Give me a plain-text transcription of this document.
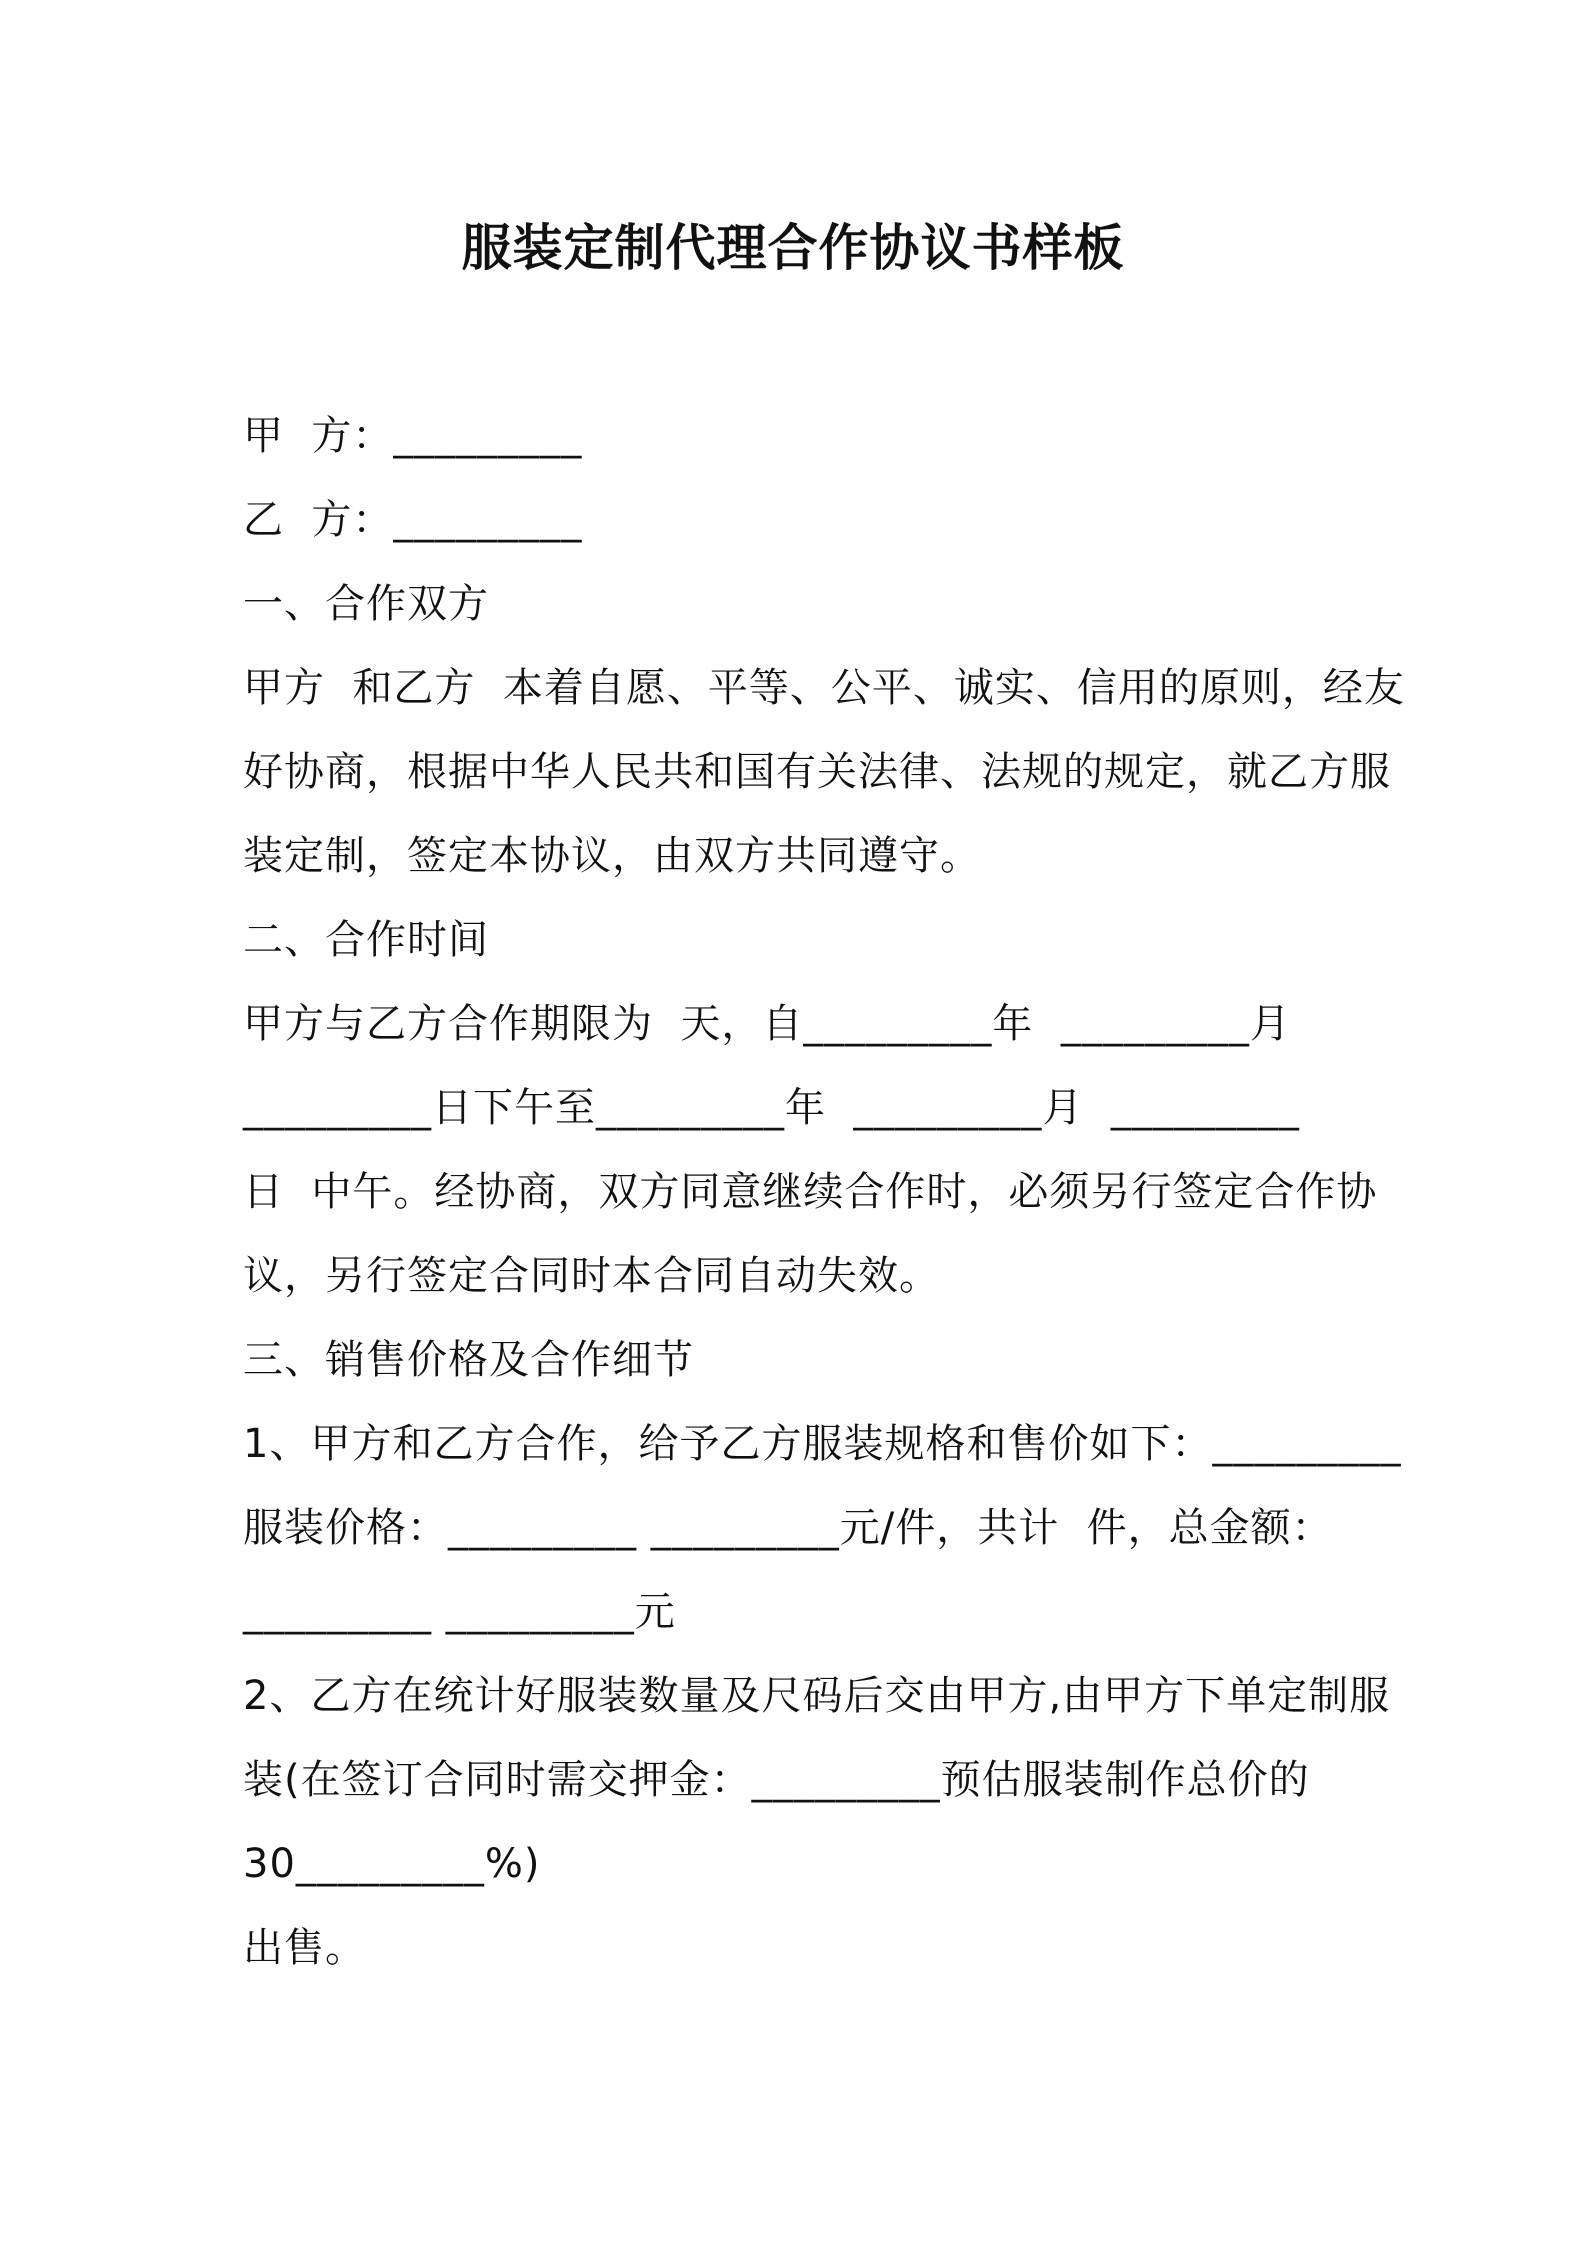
服装定制代理合作协议书样板
甲  方：_________
乙  方：_________
一、合作双方
甲方  和乙方  本着自愿、平等、公平、诚实、信用的原则，经友
好协商，根据中华人民共和国有关法律、法规的规定，就乙方服
装定制，签定本协议，由双方共同遵守。
二、合作时间
甲方与乙方合作期限为  天，自_________年  _________月
_________日下午至_________年  _________月  _________
日  中午。经协商，双方同意继续合作时，必须另行签定合作协
议，另行签定合同时本合同自动失效。
三、销售价格及合作细节
1、甲方和乙方合作，给予乙方服装规格和售价如下：_________
服装价格：_________ _________元/件，共计  件，总金额：
_________ _________元
2、乙方在统计好服装数量及尺码后交由甲方,由甲方下单定制服
装(在签订合同时需交押金：_________预估服装制作总价的
30_________%)
出售。
